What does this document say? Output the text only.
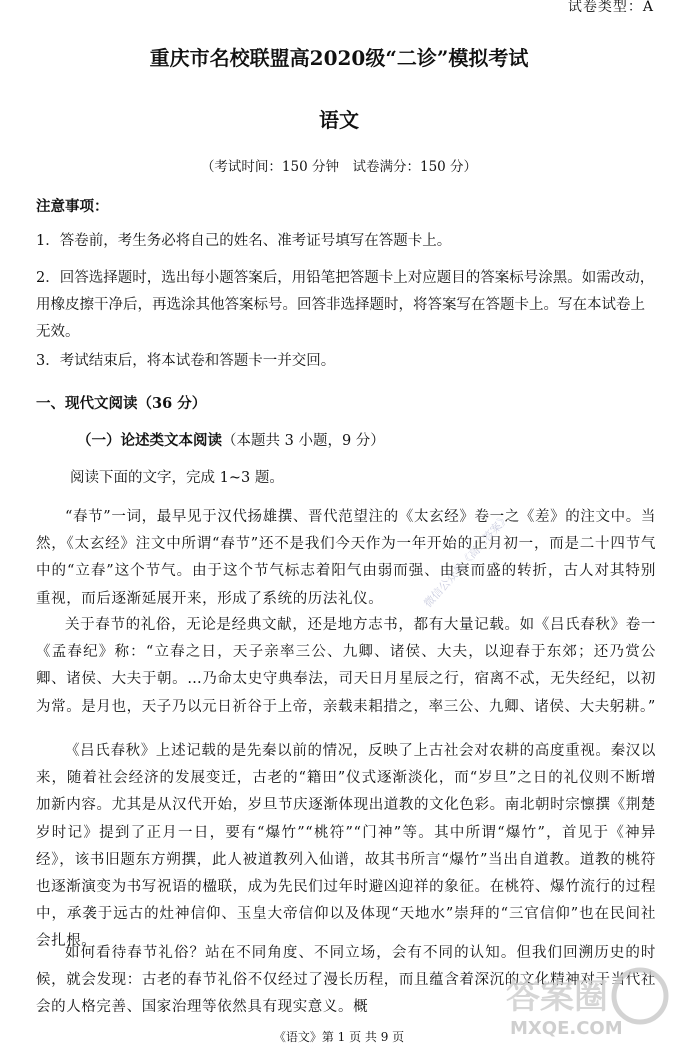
试卷类型：A
重庆市名校联盟高2020级“二诊”模拟考试
语文
（考试时间：150 分钟　试卷满分：150 分）
注意事项：

1．答卷前，考生务必将自己的姓名、准考证号填写在答题卡上。

2．回答选择题时，选出每小题答案后，用铅笔把答题卡上对应题目的答案标号涂黑。如需改动，用橡皮擦干净后，再选涂其他答案标号。回答非选择题时，将答案写在答题卡上。写在本试卷上无效。

3．考试结束后，将本试卷和答题卡一并交回。

一、现代文阅读（36 分）
（一）论述类文本阅读（本题共 3 小题，9 分）
阅读下面的文字，完成 1~3 题。

“春节”一词，最早见于汉代扬雄撰、晋代范望注的《太玄经》卷一之《差》的注文中。当然，《太玄经》注文中所谓“春节”还不是我们今天作为一年开始的正月初一，而是二十四节气中的“立春”这个节气。由于这个节气标志着阳气由弱而强、由衰而盛的转折，古人对其特别重视，而后逐渐延展开来，形成了系统的历法礼仪。

关于春节的礼俗，无论是经典文献，还是地方志书，都有大量记载。如《吕氏春秋》卷一《孟春纪》称：“立春之日，天子亲率三公、九卿、诸侯、大夫，以迎春于东郊；还乃赏公卿、诸侯、大夫于朝。…乃命太史守典奉法，司天日月星辰之行，宿离不忒，无失经纪，以初为常。是月也，天子乃以元日祈谷于上帝，亲载耒耜措之，率三公、九卿、诸侯、大夫躬耕。”

《吕氏春秋》上述记载的是先秦以前的情况，反映了上古社会对农耕的高度重视。秦汉以来，随着社会经济的发展变迁，古老的“籍田”仪式逐渐淡化，而“岁旦”之日的礼仪则不断增加新内容。尤其是从汉代开始，岁旦节庆逐渐体现出道教的文化色彩。南北朝时宗懔撰《荆楚岁时记》提到了正月一日，要有“爆竹”“桃符”“门神”等。其中所谓“爆竹”，首见于《神异经》，该书旧题东方朔撰，此人被道教列入仙谱，故其书所言“爆竹”当出自道教。道教的桃符也逐渐演变为书写祝语的楹联，成为先民们过年时避凶迎祥的象征。在桃符、爆竹流行的过程中，承袭于远古的灶神信仰、玉皇大帝信仰以及体现“天地水”崇拜的“三官信仰”也在民间社会扎根。

如何看待春节礼俗？站在不同角度、不同立场，会有不同的认知。但我们回溯历史的时候，就会发现：古老的春节礼俗不仅经过了漫长历程，而且蕴含着深沉的文化精神对于当代社会的人格完善、国家治理等依然具有现实意义。概

微信公众号《高三答案》
答案圈
MXQE.COM
《语文》第 1 页 共 9 页
